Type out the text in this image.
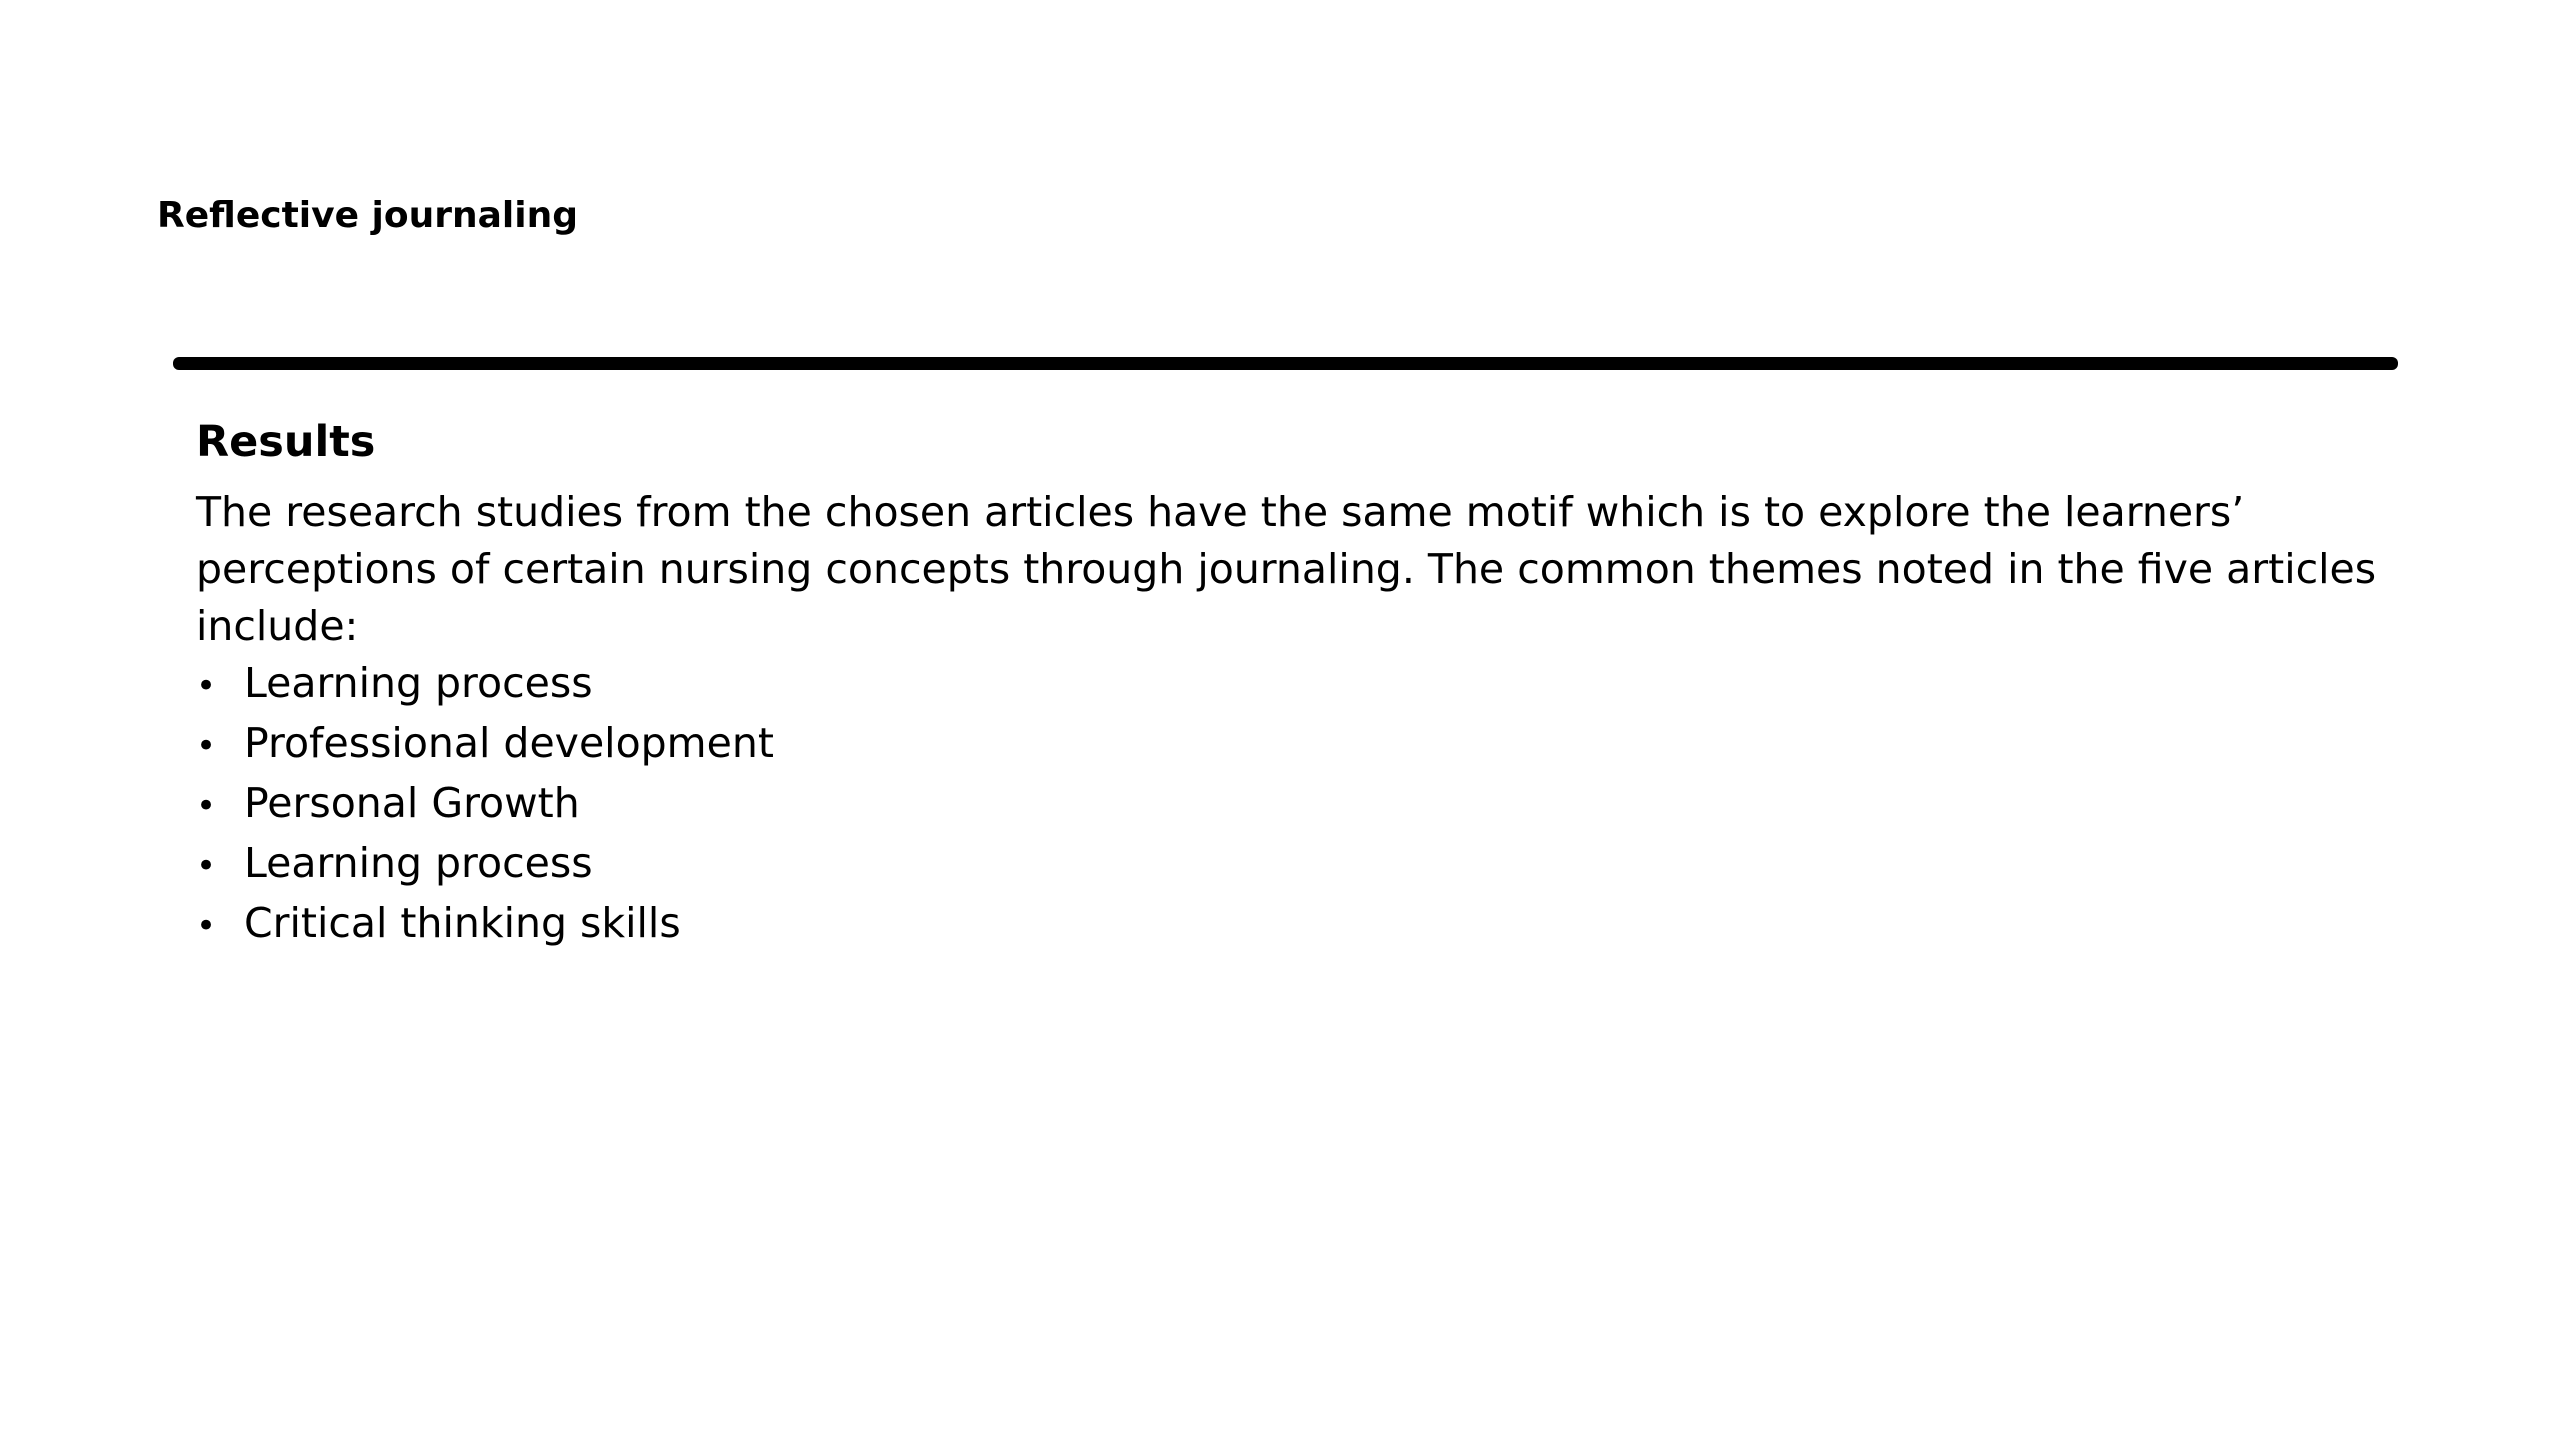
Reflective journaling
Results

The research studies from the chosen articles have the same motif which is to explore the learners’ perceptions of certain nursing concepts through journaling. The common themes noted in the five articles include:

• Learning process
• Professional development
• Personal Growth
• Learning process
• Critical thinking skills
